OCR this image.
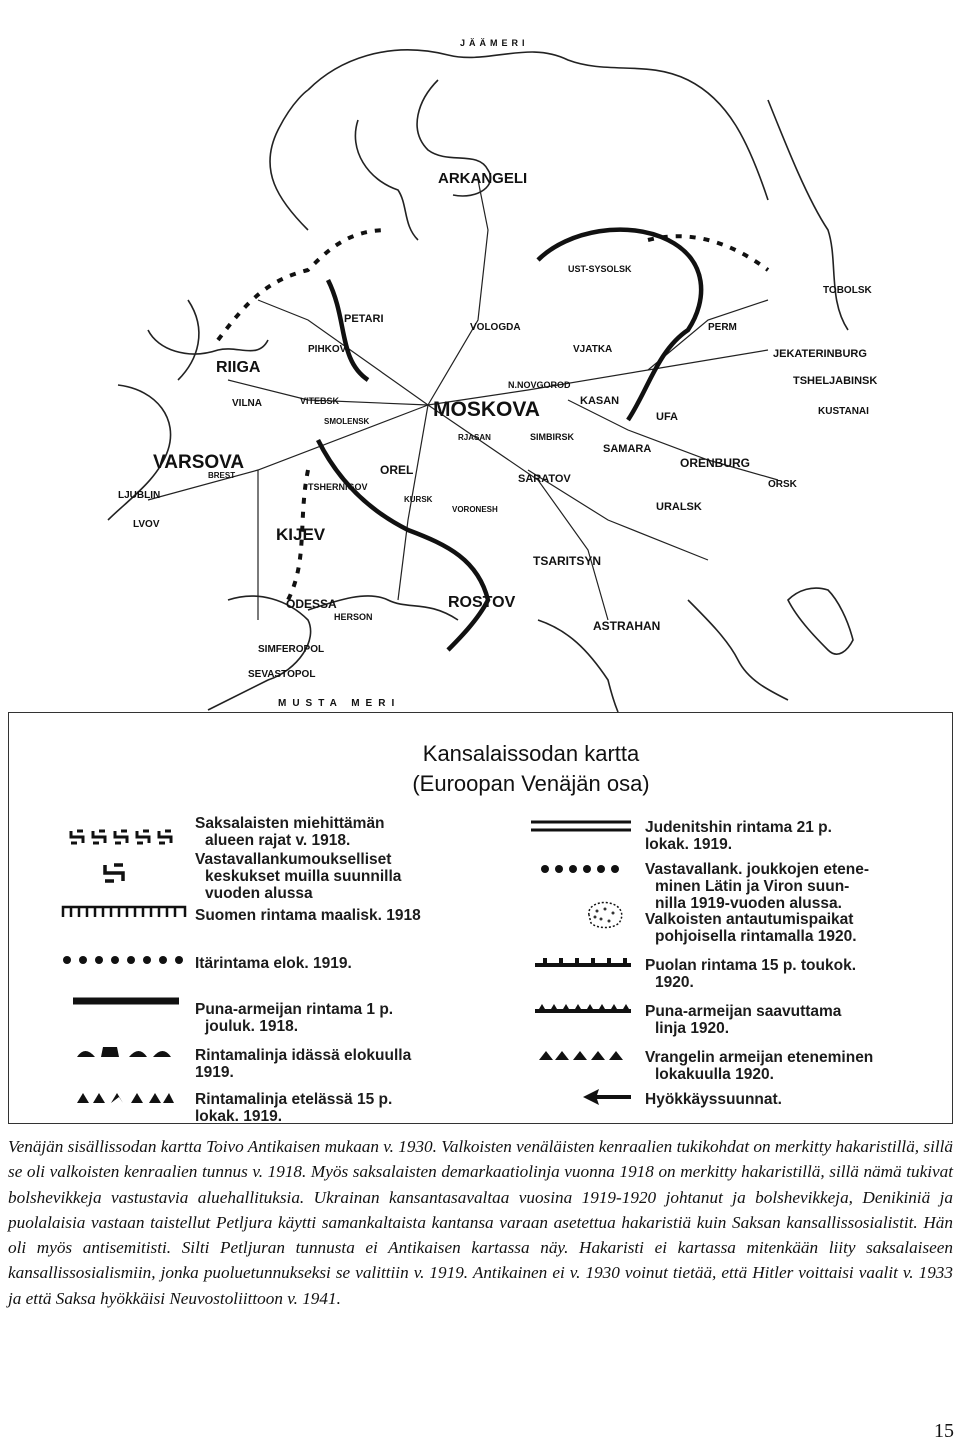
ARKANGELI
MOSKOVA
RIIGA
VARSOVA
KIJEV
ODESSA
SIMFEROPOL
SEVASTOPOL
ROSTOV
TSARITSYN
ASTRAHAN
SARATOV
SAMARA
KASAN
UFA
ORENBURG
ORSK
URALSK
JEKATERINBURG
TSHELJABINSK
KUSTANAI
TOBOLSK
PERM
VJATKA
VOLOGDA
UST-SYSOLSK
N.NOVGOROD
PETARI
PIHKOV
VILNA	VITEBSK
SMOLENSK
BREST
LJUBLIN
LVOV
OREL
KURSK
TSHERNIGOV
VORONESH
RJASAN	SIMBIRSK
HERSON
MUSTA MERI
JÄÄMERI
Kansalaissodan kartta
(Euroopan Venäjän osa)
Saksalaisten miehittämän
alueen rajat v. 1918.
Vastavallankumoukselliset
keskukset muilla suunnilla
vuoden alussa
Suomen rintama maalisk. 1918
Itärintama elok. 1919.
Puna-armeijan rintama 1 p.
jouluk. 1918.
Rintamalinja idässä elokuulla
1919.
Rintamalinja etelässä 15 p.
lokak. 1919.
Judenitshin rintama 21 p.
lokak. 1919.
Vastavallank. joukkojen etene-
minen Lätin ja Viron suun-
nilla 1919-vuoden alussa.
Valkoisten antautumispaikat
pohjoisella rintamalla 1920.
Puolan rintama 15 p. toukok.
1920.
Puna-armeijan saavuttama
linja 1920.
Vrangelin armeijan eteneminen
lokakuulla 1920.
Hyökkäyssuunnat.
Venäjän sisällissodan kartta Toivo Antikaisen mukaan v. 1930. Valkoisten venäläisten kenraalien tukikohdat on merkitty hakaristillä, sillä se oli valkoisten kenraalien tunnus v. 1918. Myös saksalaisten demarkaatiolinja vuonna 1918 on merkitty hakaristillä, sillä nämä tukivat bolshevikkeja vastustavia aluehallituksia. Ukrainan kansantasavaltaa vuosina 1919-1920 johtanut ja bolshevikkeja, Denikiniä ja puolalaisia vastaan taistellut Petljura käytti samankaltaista kantansa varaan asetettua hakaristiä kuin Saksan kansallissosialistit. Hän oli myös antisemitisti. Silti Petljuran tunnusta ei Antikaisen kartassa näy. Hakaristi ei kartassa mitenkään liity saksalaiseen kansallissosialismiin, jonka puoluetunnukseksi se valittiin v. 1919. Antikainen ei v. 1930 voinut tietää, että Hitler voittaisi vaalit v. 1933 ja että Saksa hyökkäisi Neuvostoliittoon v. 1941.
15
